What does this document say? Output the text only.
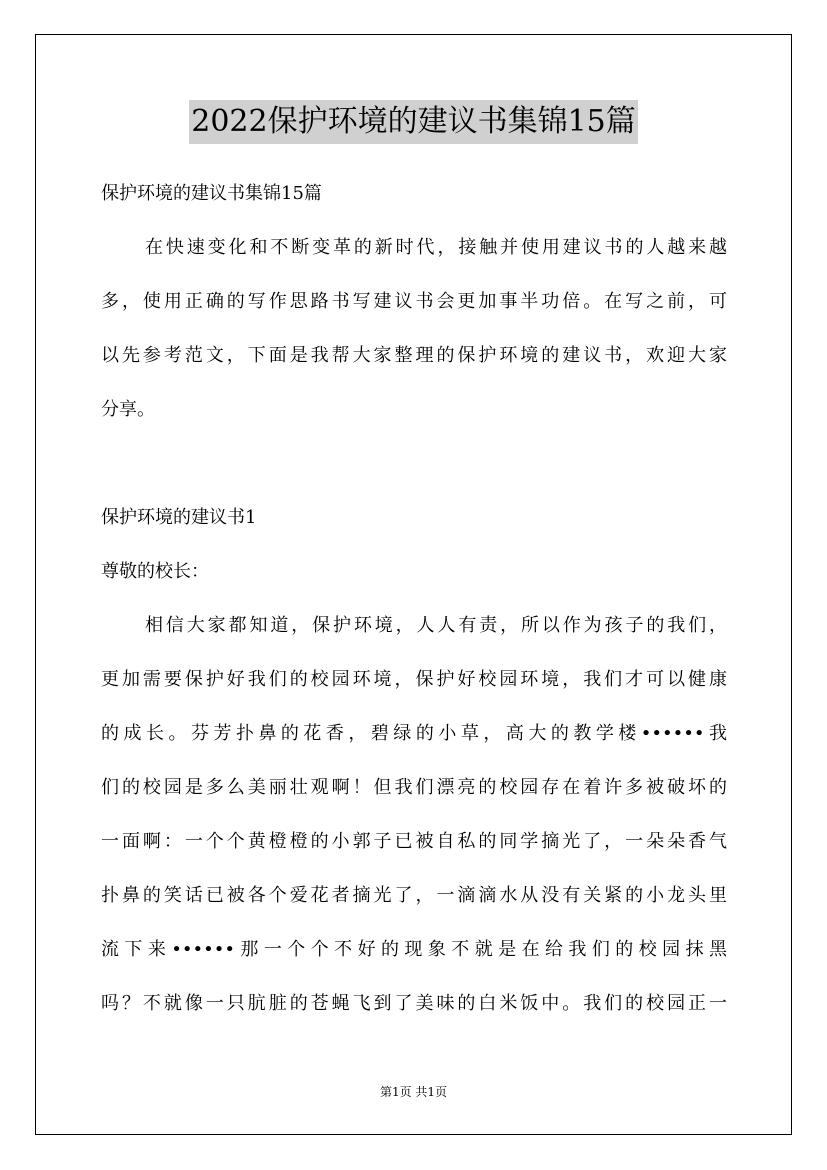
2022保护环境的建议书集锦15篇
保护环境的建议书集锦15篇
在快速变化和不断变革的新时代，接触并使用建议书的人越来越
多，使用正确的写作思路书写建议书会更加事半功倍。在写之前，可
以先参考范文，下面是我帮大家整理的保护环境的建议书，欢迎大家
分享。
保护环境的建议书1
尊敬的校长：
相信大家都知道，保护环境，人人有责，所以作为孩子的我们，
更加需要保护好我们的校园环境，保护好校园环境，我们才可以健康
的成长。芬芳扑鼻的花香，碧绿的小草，高大的教学楼••••••我
们的校园是多么美丽壮观啊！但我们漂亮的校园存在着许多被破坏的
一面啊：一个个黄橙橙的小郭子已被自私的同学摘光了，一朵朵香气
扑鼻的笑话已被各个爱花者摘光了，一滴滴水从没有关紧的小龙头里
流下来••••••那一个个不好的现象不就是在给我们的校园抹黑
吗？不就像一只肮脏的苍蝇飞到了美味的白米饭中。我们的校园正一
第1页 共1页
